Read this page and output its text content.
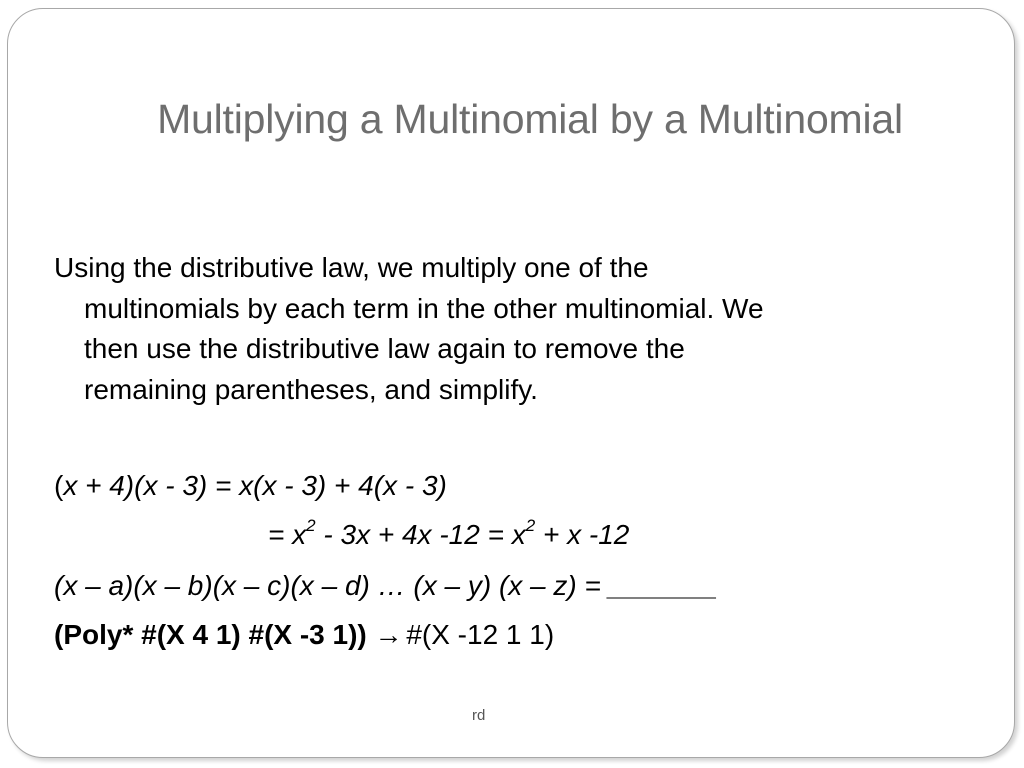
Multiplying a Multinomial by a Multinomial
Using the distributive law, we multiply one of the
multinomials by each term in the other multinomial. We
then use the distributive law again to remove the
remaining parentheses, and simplify.
(x + 4)(x - 3) = x(x - 3) + 4(x - 3)
= $x^2 - 3x + 4x$ $-12 = x^2 + x$ -12
(x – a)(x – b)(x – c)(x – d) … (x – y) (x – z) = _______
(Poly* #(X 4 1) #(X -3 1)) → #(X -12 1 1)
rd
